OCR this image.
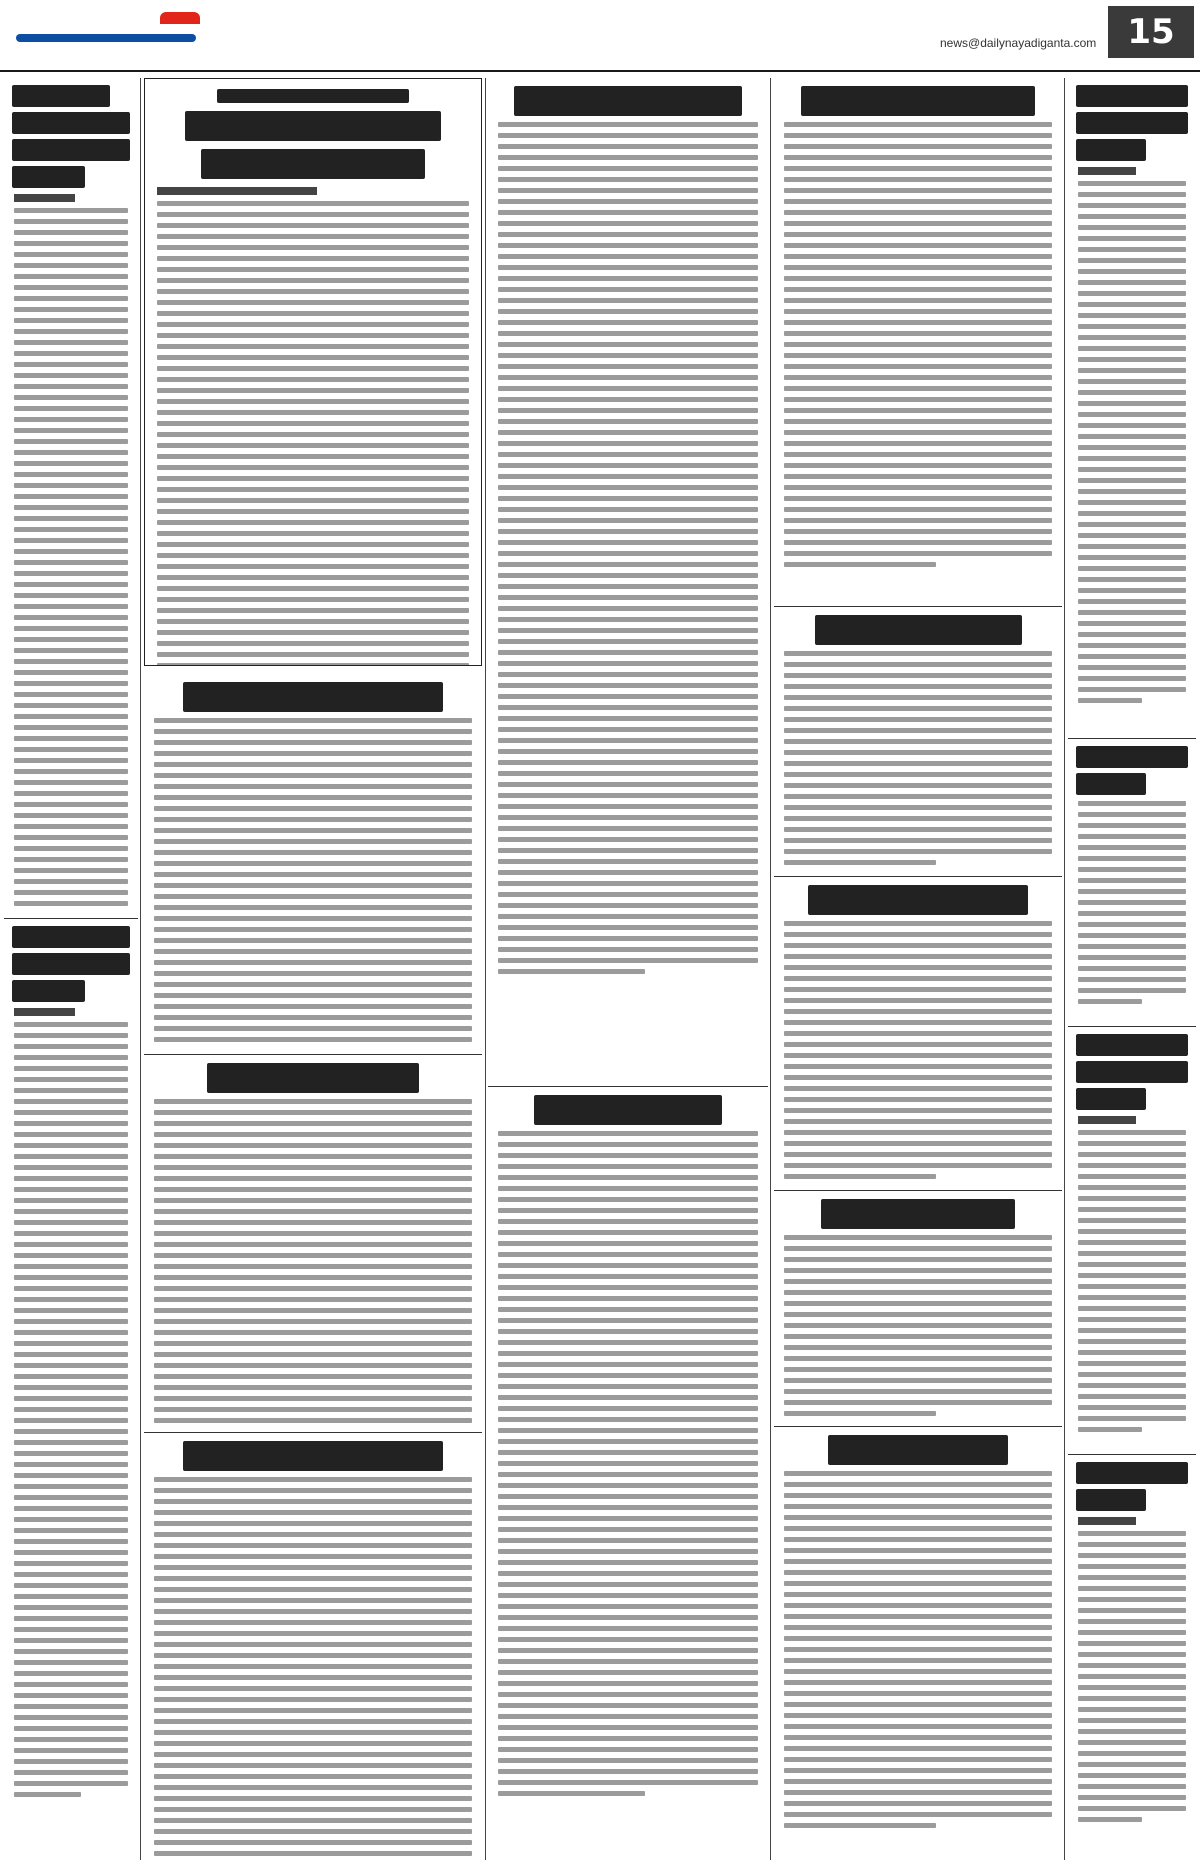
news@dailynayadiganta.com 15
